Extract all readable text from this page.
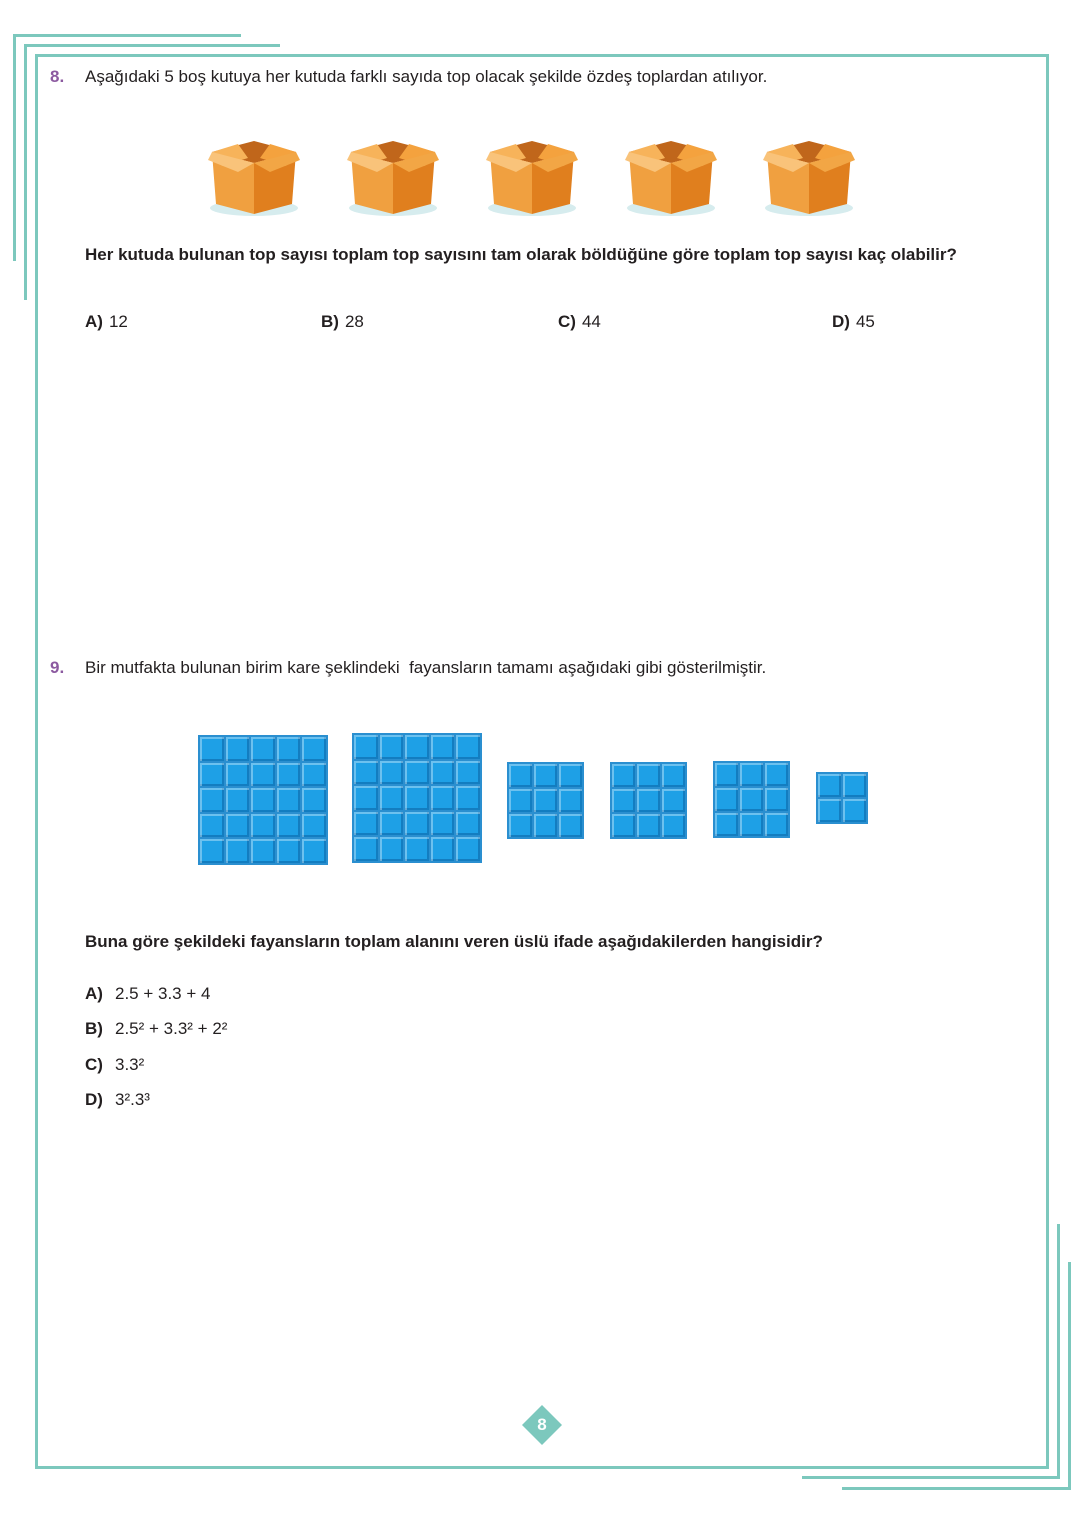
8. Aşağıdaki 5 boş kutuya her kutuda farklı sayıda top olacak şekilde özdeş toplardan atılıyor.
Her kutuda bulunan top sayısı toplam top sayısını tam olarak böldüğüne göre toplam top sayısı kaç olabilir?
A) 12	B) 28	C) 44	D) 45
9. Bir mutfakta bulunan birim kare şeklindeki  fayansların tamamı aşağıdaki gibi gösterilmiştir.
Buna göre şekildeki fayansların toplam alanını veren üslü ifade aşağıdakilerden hangisidir?
A) 2.5 + 3.3 + 4
B) 2.5² + 3.3² + 2²
C) 3.3²
D) 3².3³
8
